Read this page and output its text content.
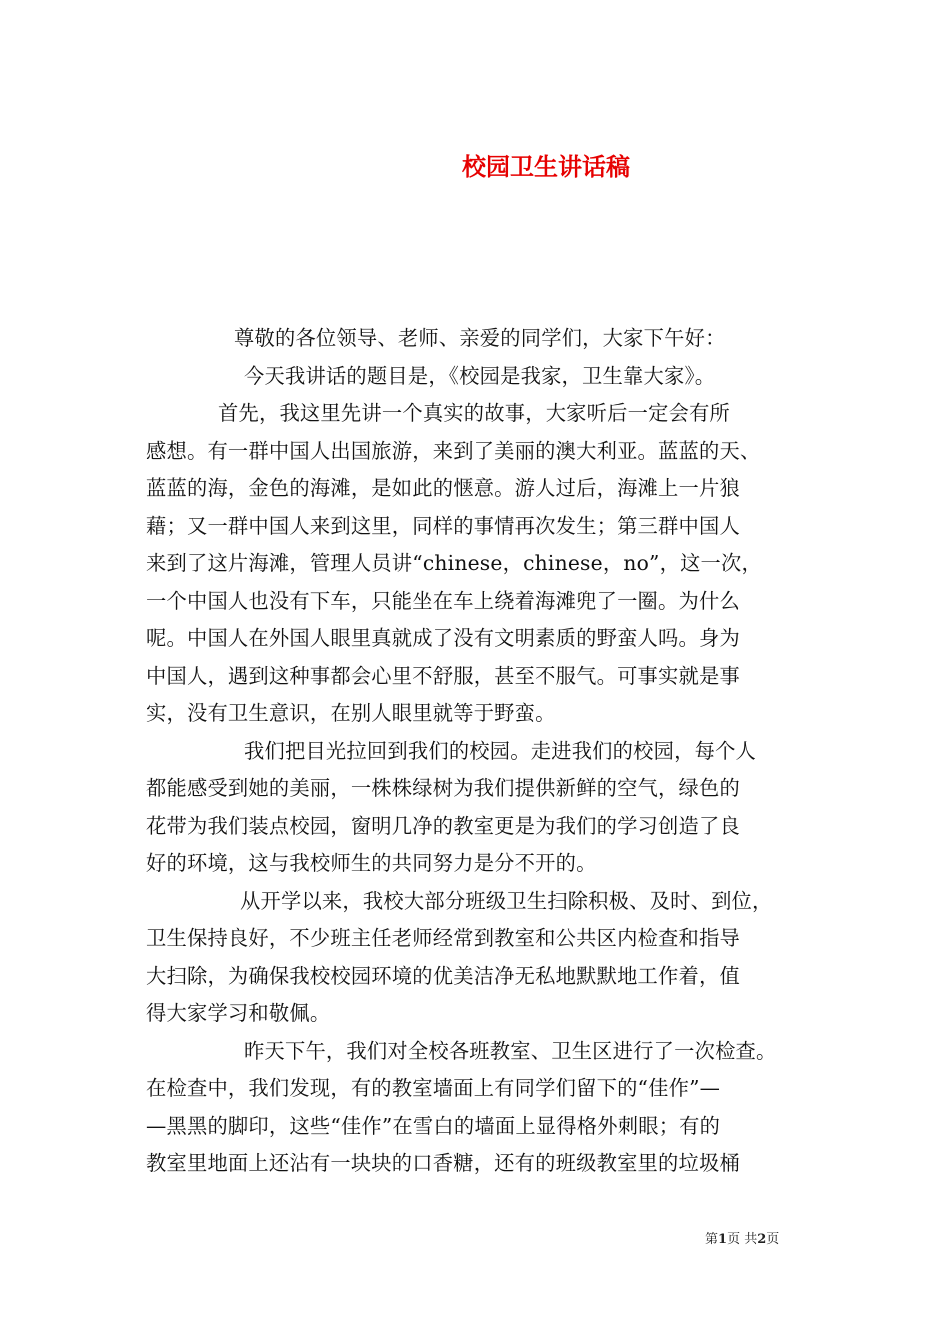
校园卫生讲话稿
尊敬的各位领导、老师、亲爱的同学们，大家下午好：
今天我讲话的题目是，《校园是我家，卫生靠大家》。
首先，我这里先讲一个真实的故事，大家听后一定会有所
感想。有一群中国人出国旅游，来到了美丽的澳大利亚。蓝蓝的天、
蓝蓝的海，金色的海滩，是如此的惬意。游人过后，海滩上一片狼
藉；又一群中国人来到这里，同样的事情再次发生；第三群中国人
来到了这片海滩，管理人员讲“chinese，chinese，no”，这一次，
一个中国人也没有下车，只能坐在车上绕着海滩兜了一圈。为什么
呢。中国人在外国人眼里真就成了没有文明素质的野蛮人吗。身为
中国人，遇到这种事都会心里不舒服，甚至不服气。可事实就是事
实，没有卫生意识，在别人眼里就等于野蛮。
我们把目光拉回到我们的校园。走进我们的校园，每个人
都能感受到她的美丽，一株株绿树为我们提供新鲜的空气，绿色的
花带为我们装点校园，窗明几净的教室更是为我们的学习创造了良
好的环境，这与我校师生的共同努力是分不开的。
从开学以来，我校大部分班级卫生扫除积极、及时、到位，
卫生保持良好，不少班主任老师经常到教室和公共区内检查和指导
大扫除，为确保我校校园环境的优美洁净无私地默默地工作着，值
得大家学习和敬佩。
昨天下午，我们对全校各班教室、卫生区进行了一次检查。
在检查中，我们发现，有的教室墙面上有同学们留下的“佳作”—
—黑黑的脚印，这些“佳作”在雪白的墙面上显得格外刺眼；有的
教室里地面上还沾有一块块的口香糖，还有的班级教室里的垃圾桶
第1页 共2页
